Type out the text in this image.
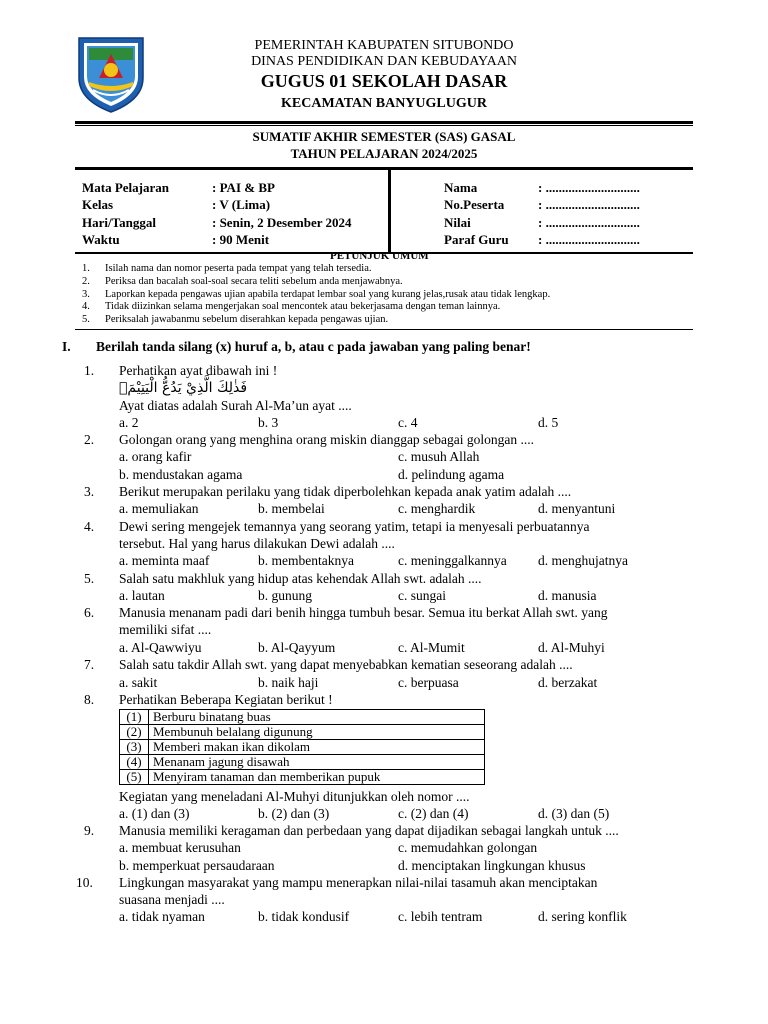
PEMERINTAH KABUPATEN SITUBONDO
DINAS PENDIDIKAN DAN KEBUDAYAAN
GUGUS 01 SEKOLAH DASAR
KECAMATAN BANYUGLUGUR
SUMATIF AKHIR SEMESTER (SAS) GASAL
TAHUN PELAJARAN 2024/2025
Mata Pelajaran	: PAI & BP
Kelas	: V (Lima)
Hari/Tanggal	: Senin, 2 Desember 2024
Waktu	: 90 Menit
Nama	: .............................
No.Peserta	: .............................
Nilai	: .............................
Paraf Guru : .............................
PETUNJUK UMUM
1. Isilah nama dan nomor peserta pada tempat yang telah tersedia.
2. Periksa dan bacalah soal-soal secara teliti sebelum anda menjawabnya.
3. Laporkan kepada pengawas ujian apabila terdapat lembar soal yang kurang jelas,rusak atau tidak lengkap.
4. Tidak diizinkan selama mengerjakan soal mencontek atau bekerjasama dengan teman lainnya.
5. Periksalah jawabanmu sebelum diserahkan kepada pengawas ujian.
I. Berilah tanda silang (x) huruf a, b, atau c pada jawaban yang paling benar!
1. Perhatikan ayat dibawah ini !
فَذٰلِكَ الَّذِيْ يَدُعُّ الْيَتِيْمَۙ
Ayat diatas adalah Surah Al-Ma’un ayat ....
a. 2	b. 3	c. 4	d. 5
2. Golongan orang yang menghina orang miskin dianggap sebagai golongan ....
a. orang kafir	c. musuh Allah
b. mendustakan agama	d. pelindung agama
3. Berikut merupakan perilaku yang tidak diperbolehkan kepada anak yatim adalah ....
a. memuliakan	b. membelai	c. menghardik	d. menyantuni
4. Dewi sering mengejek temannya yang seorang yatim, tetapi ia menyesali perbuatannya
tersebut. Hal yang harus dilakukan Dewi adalah ....
a. meminta maaf	b. membentaknya	c. meninggalkannya d. menghujatnya
5. Salah satu makhluk yang hidup atas kehendak Allah swt. adalah ....
a. lautan	b. gunung	c. sungai	d. manusia
6. Manusia menanam padi dari benih hingga tumbuh besar. Semua itu berkat Allah swt. yang
memiliki sifat ....
a. Al-Qawwiyu	b. Al-Qayyum	c. Al-Mumit	d. Al-Muhyi
7. Salah satu takdir Allah swt. yang dapat menyebabkan kematian seseorang adalah ....
a. sakit	b. naik haji	c. berpuasa	d. berzakat
8. Perhatikan Beberapa Kegiatan berikut !
(1)	Berburu binatang buas
(2)	Membunuh belalang digunung
(3)	Memberi makan ikan dikolam
(4)	Menanam jagung disawah
(5)	Menyiram tanaman dan memberikan pupuk
Kegiatan yang meneladani Al-Muhyi ditunjukkan oleh nomor ....
a. (1) dan (3)	b. (2) dan (3)	c. (2) dan (4)	d. (3) dan (5)
9. Manusia memiliki keragaman dan perbedaan yang dapat dijadikan sebagai langkah untuk ....
a. membuat kerusuhan	c. memudahkan golongan
b. memperkuat persaudaraan	d. menciptakan lingkungan khusus
10. Lingkungan masyarakat yang mampu menerapkan nilai-nilai tasamuh akan menciptakan
suasana menjadi ....
a. tidak nyaman	b. tidak kondusif	c. lebih tentram	d. sering konflik
